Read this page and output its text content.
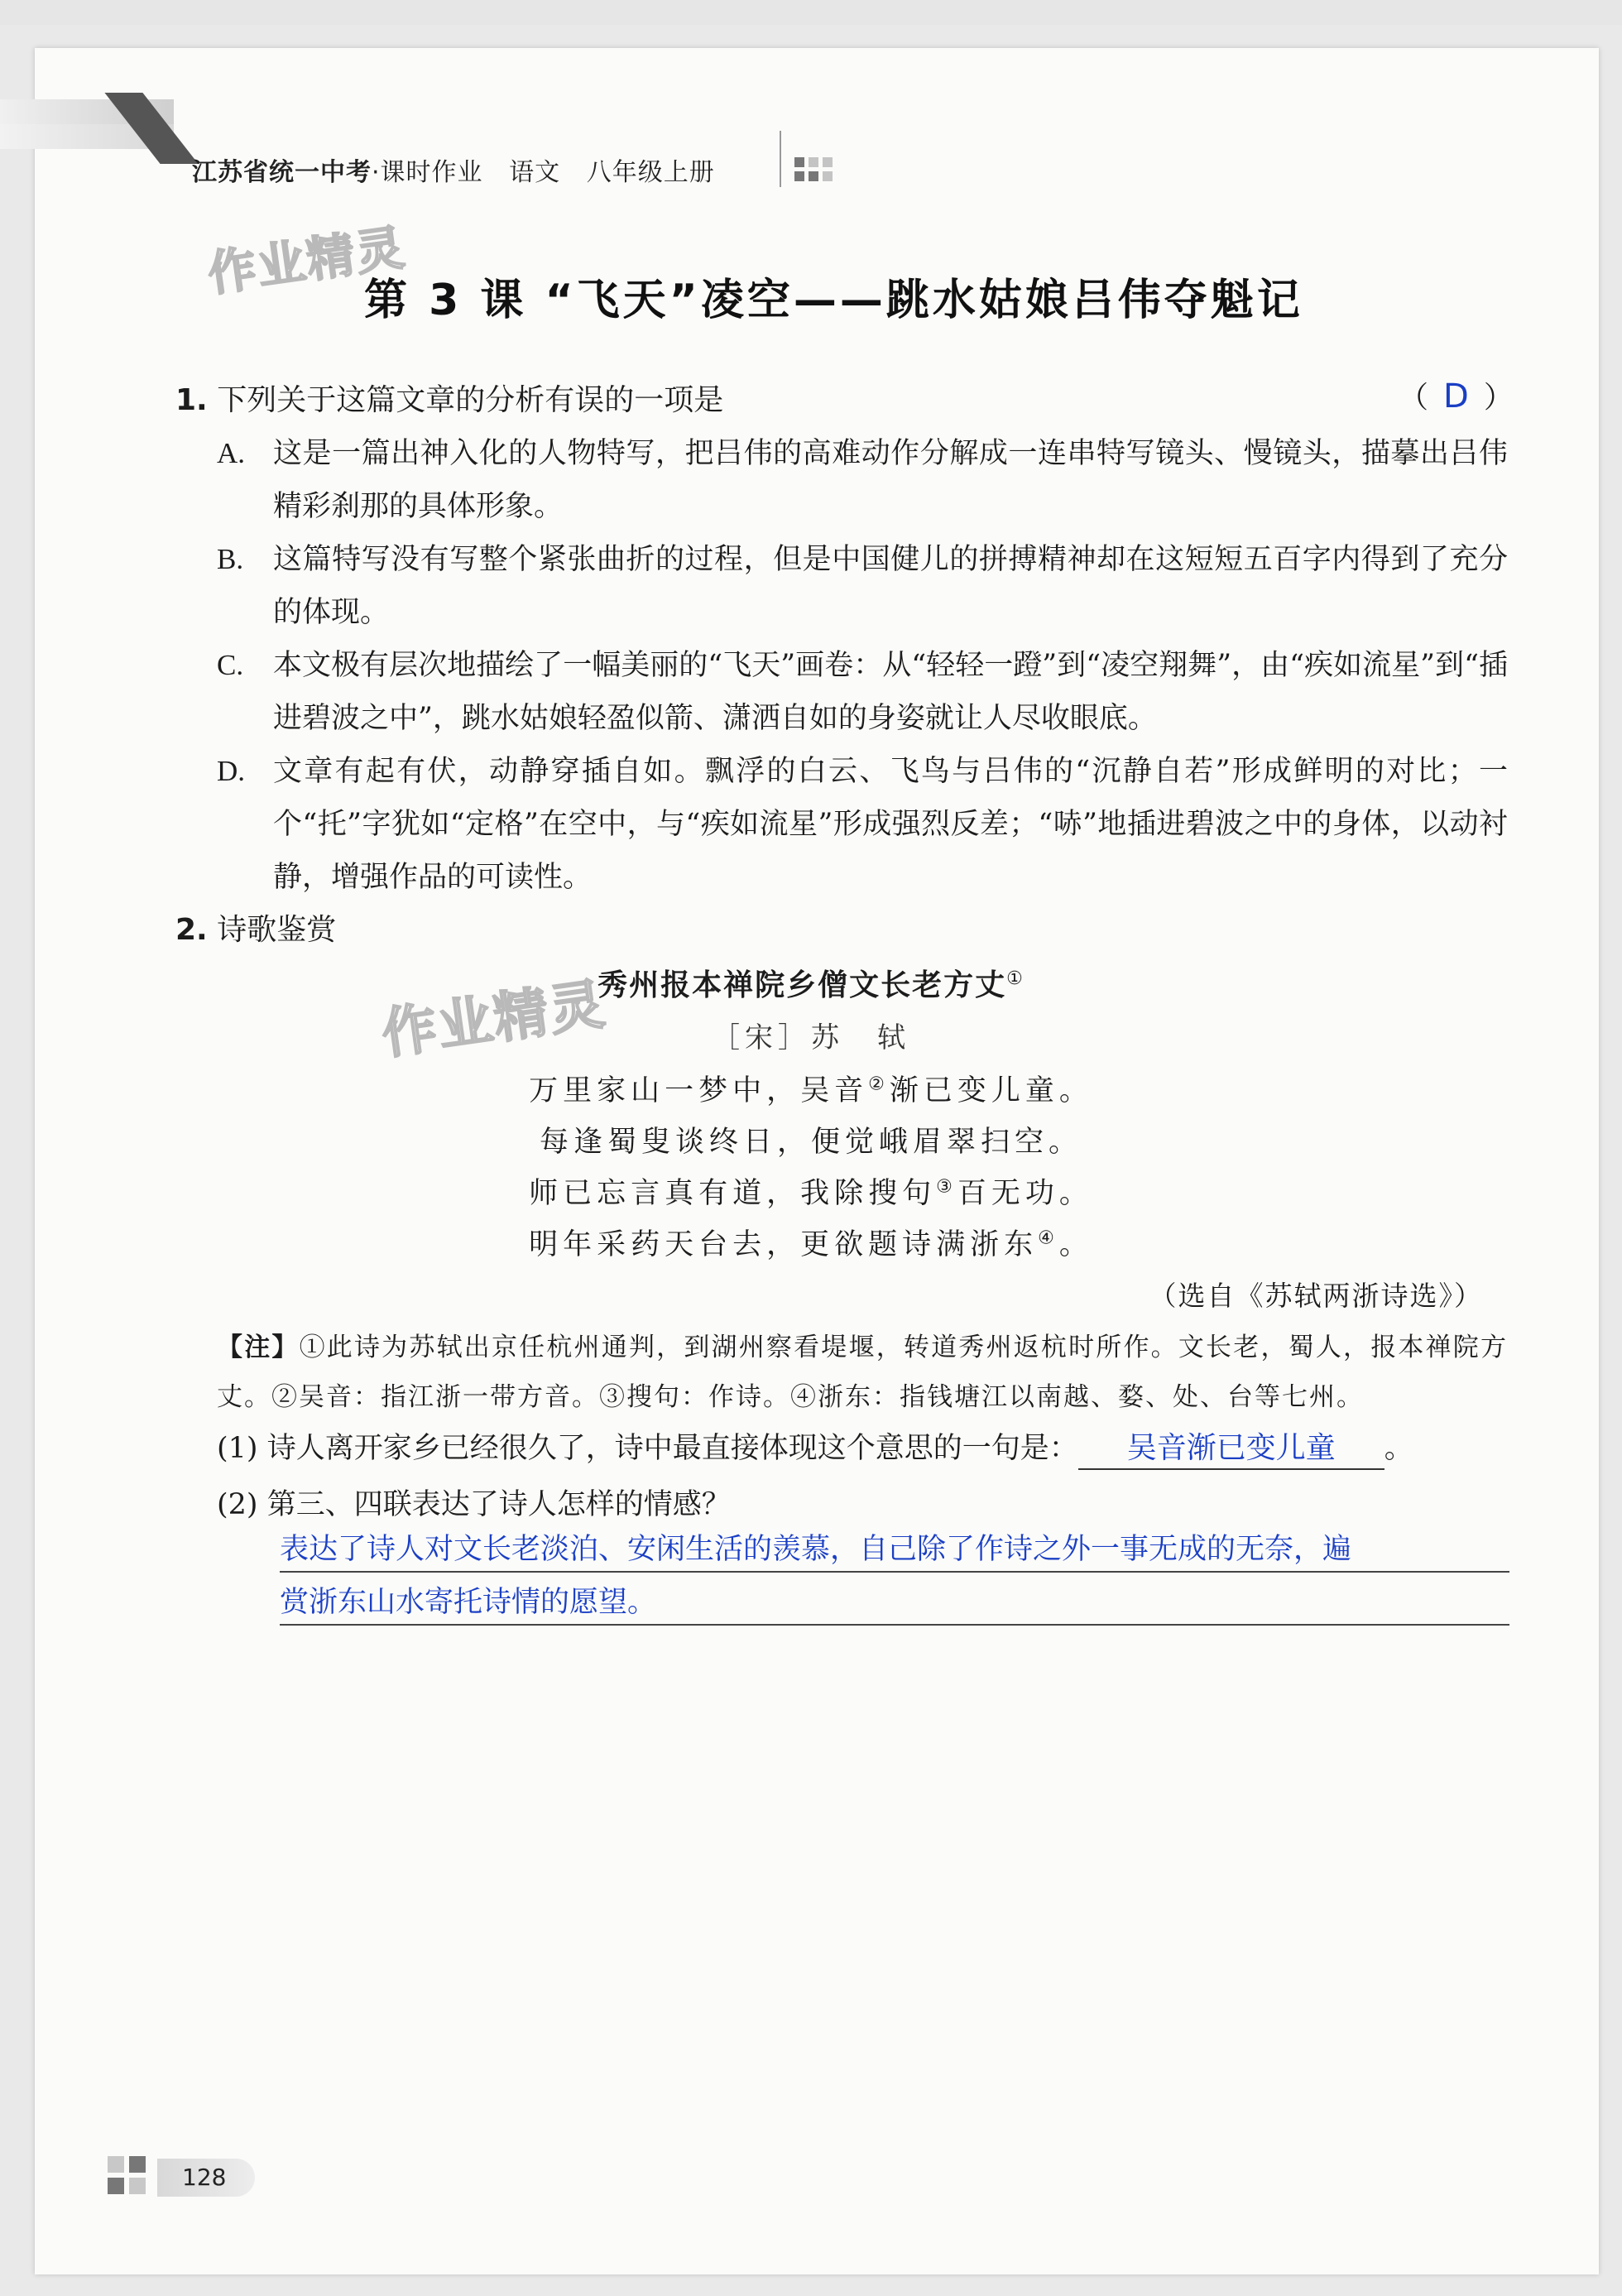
江苏省统一中考·课时作业 语文 八年级上册
作业精灵
第 3 课 “飞天”凌空——跳水姑娘吕伟夺魁记
1. 下列关于这篇文章的分析有误的一项是	（ D ）
A. 这是一篇出神入化的人物特写，把吕伟的高难动作分解成一连串特写镜头、慢镜头，描摹出吕伟精彩刹那的具体形象。
B.	这篇特写没有写整个紧张曲折的过程，但是中国健儿的拼搏精神却在这短短五百字内得到了充分的体现。
C.	本文极有层次地描绘了一幅美丽的“飞天”画卷：从“轻轻一蹬”到“凌空翔舞”，由“疾如流星”到“插进碧波之中”，跳水姑娘轻盈似箭、潇洒自如的身姿就让人尽收眼底。
D. 文章有起有伏，动静穿插自如。飘浮的白云、飞鸟与吕伟的“沉静自若”形成鲜明的对比；一个“托”字犹如“定格”在空中，与“疾如流星”形成强烈反差；“哧”地插进碧波之中的身体，以动衬静，增强作品的可读性。
2. 诗歌鉴赏
作业精灵
秀州报本禅院乡僧文长老方丈①
［宋］苏　轼
万里家山一梦中，吴音②渐已变儿童。
每逢蜀叟谈终日，便觉峨眉翠扫空。
师已忘言真有道，我除搜句③百无功。
明年采药天台去，更欲题诗满浙东④。
（选自《苏轼两浙诗选》）
【注】①此诗为苏轼出京任杭州通判，到湖州察看堤堰，转道秀州返杭时所作。文长老，蜀人，报本禅院方丈。②吴音：指江浙一带方音。③搜句：作诗。④浙东：指钱塘江以南越、婺、处、台等七州。
(1) 诗人离开家乡已经很久了，诗中最直接体现这个意思的一句是： 吴音渐已变儿童 。
(2) 第三、四联表达了诗人怎样的情感？
表达了诗人对文长老淡泊、安闲生活的羡慕，自己除了作诗之外一事无成的无奈，遍
赏浙东山水寄托诗情的愿望。
128
